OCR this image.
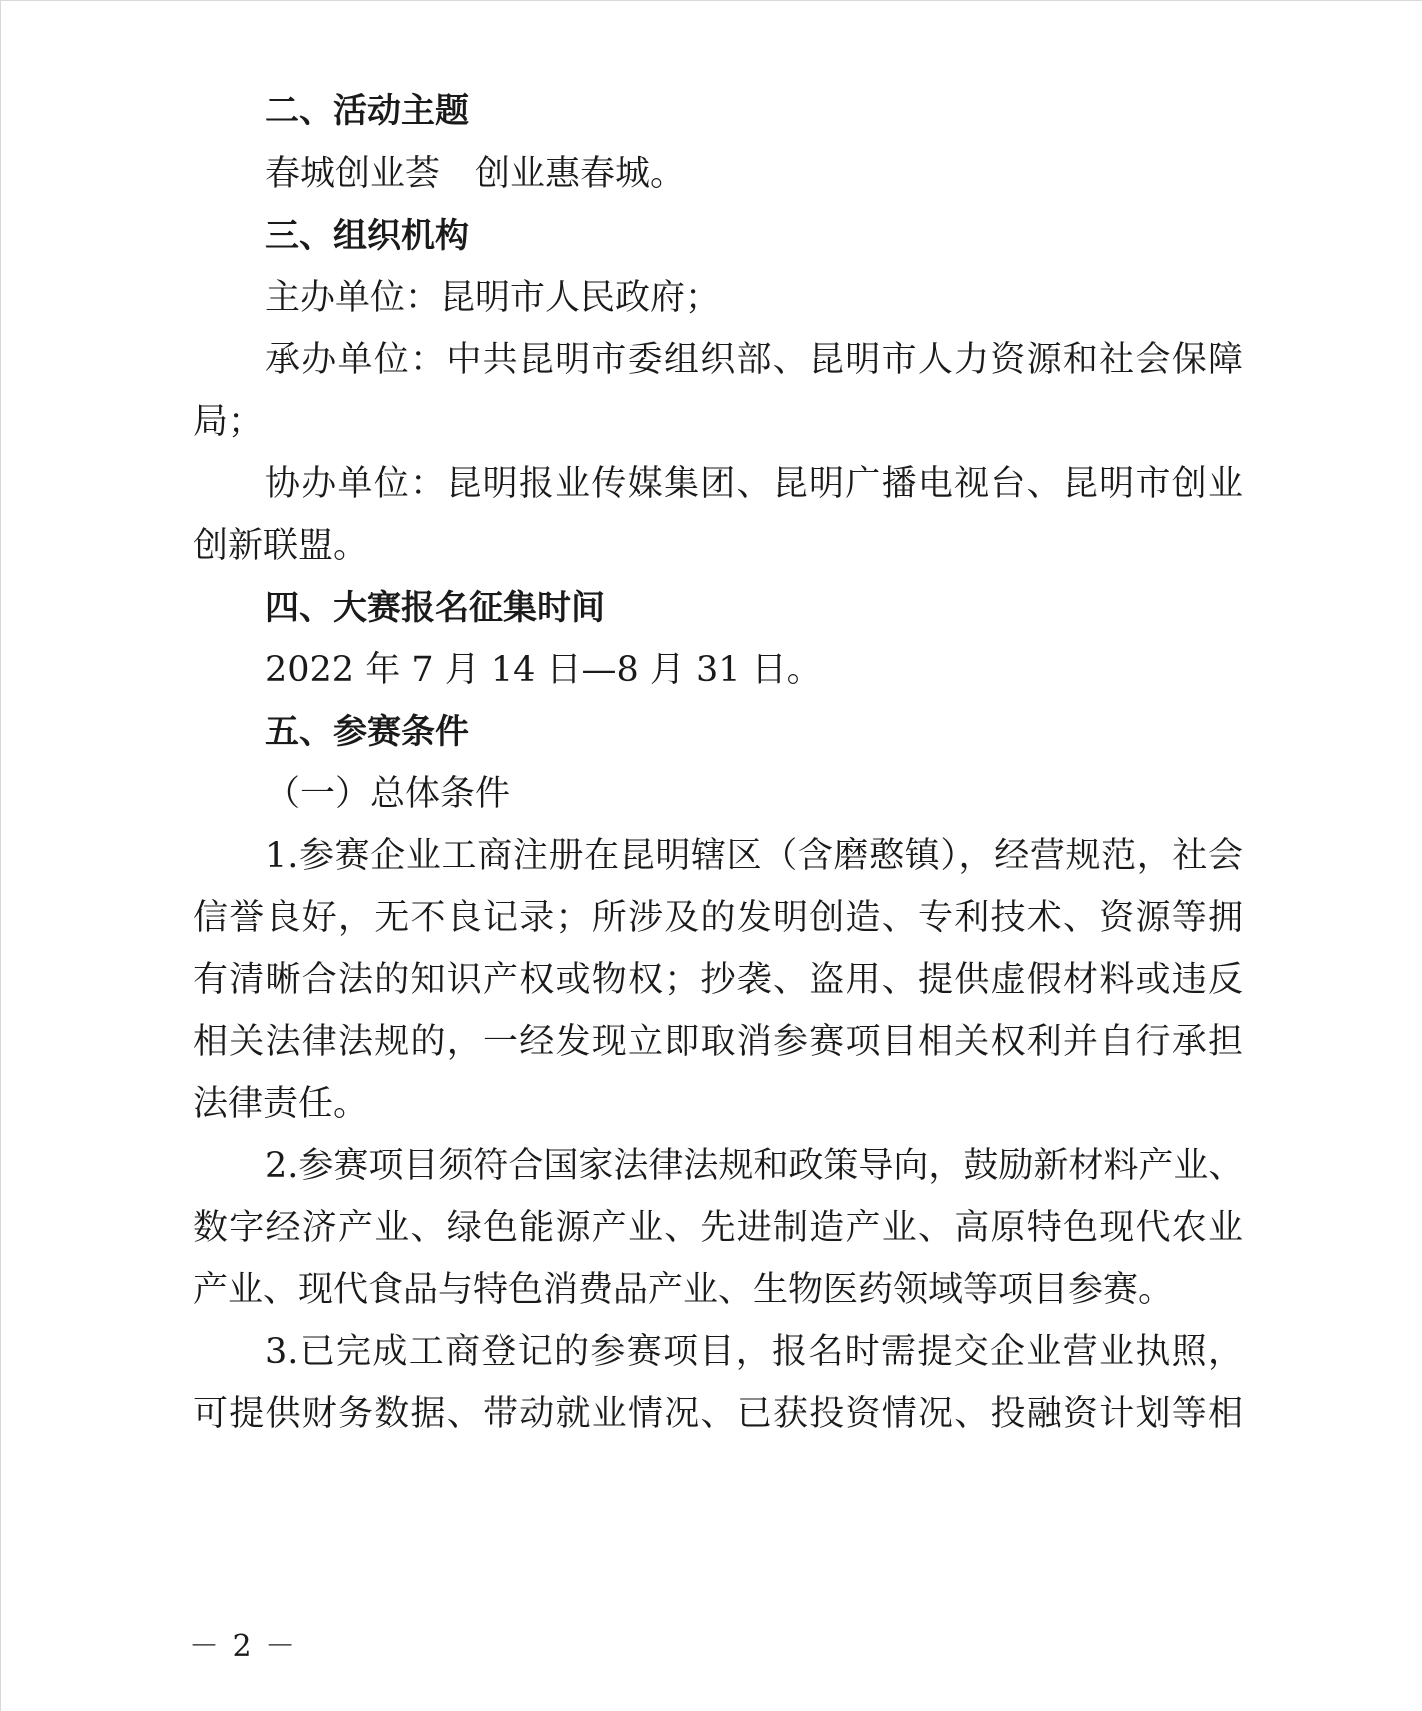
二、活动主题
春城创业荟　创业惠春城。
三、组织机构
主办单位：昆明市人民政府；
承办单位：中共昆明市委组织部、昆明市人力资源和社会保障
局；
协办单位：昆明报业传媒集团、昆明广播电视台、昆明市创业
创新联盟。
四、大赛报名征集时间
2022 年 7 月 14 日—8 月 31 日。
五、参赛条件
（一）总体条件
1.参赛企业工商注册在昆明辖区（含磨憨镇），经营规范，社会
信誉良好，无不良记录；所涉及的发明创造、专利技术、资源等拥
有清晰合法的知识产权或物权；抄袭、盗用、提供虚假材料或违反
相关法律法规的，一经发现立即取消参赛项目相关权利并自行承担
法律责任。
2.参赛项目须符合国家法律法规和政策导向，鼓励新材料产业、
数字经济产业、绿色能源产业、先进制造产业、高原特色现代农业
产业、现代食品与特色消费品产业、生物医药领域等项目参赛。
3.已完成工商登记的参赛项目，报名时需提交企业营业执照，
可提供财务数据、带动就业情况、已获投资情况、投融资计划等相
－ 2 －
